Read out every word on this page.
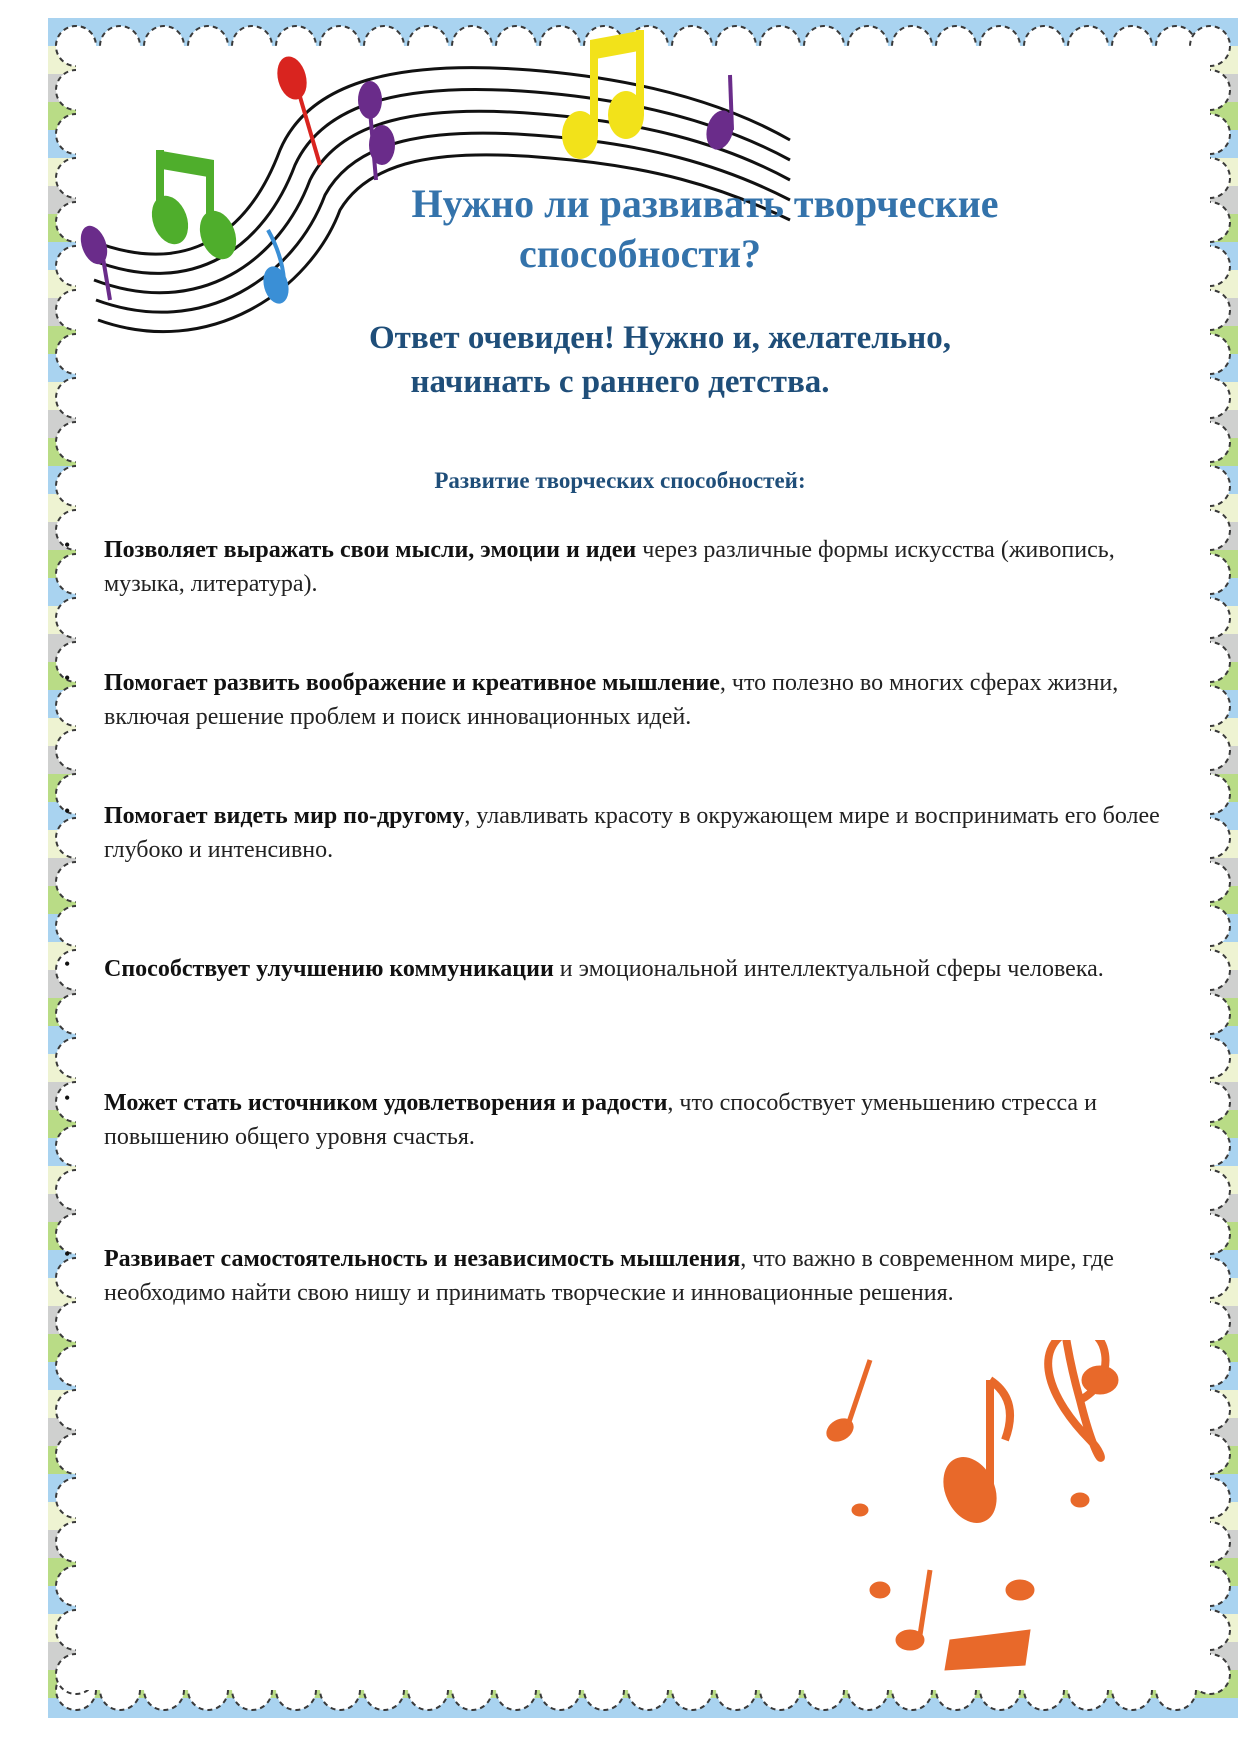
Нужно ли развивать творческие
способности?
Ответ очевиден! Нужно и, желательно,
начинать с раннего детства.
Развитие творческих способностей:
• Позволяет выражать свои мысли, эмоции и идеи через различные формы искусства (живопись, музыка, литература).
• Помогает развить воображение и креативное мышление, что полезно во многих сферах жизни, включая решение проблем и поиск инновационных идей.
• Помогает видеть мир по-другому, улавливать красоту в окружающем мире и воспринимать его более глубоко и интенсивно.
• Способствует улучшению коммуникации и эмоциональной интеллектуальной сферы человека.
• Может стать источником удовлетворения и радости, что способствует уменьшению стресса и повышению общего уровня счастья.
• Развивает самостоятельность и независимость мышления, что важно в современном мире, где необходимо найти свою нишу и принимать творческие и инновационные решения.
